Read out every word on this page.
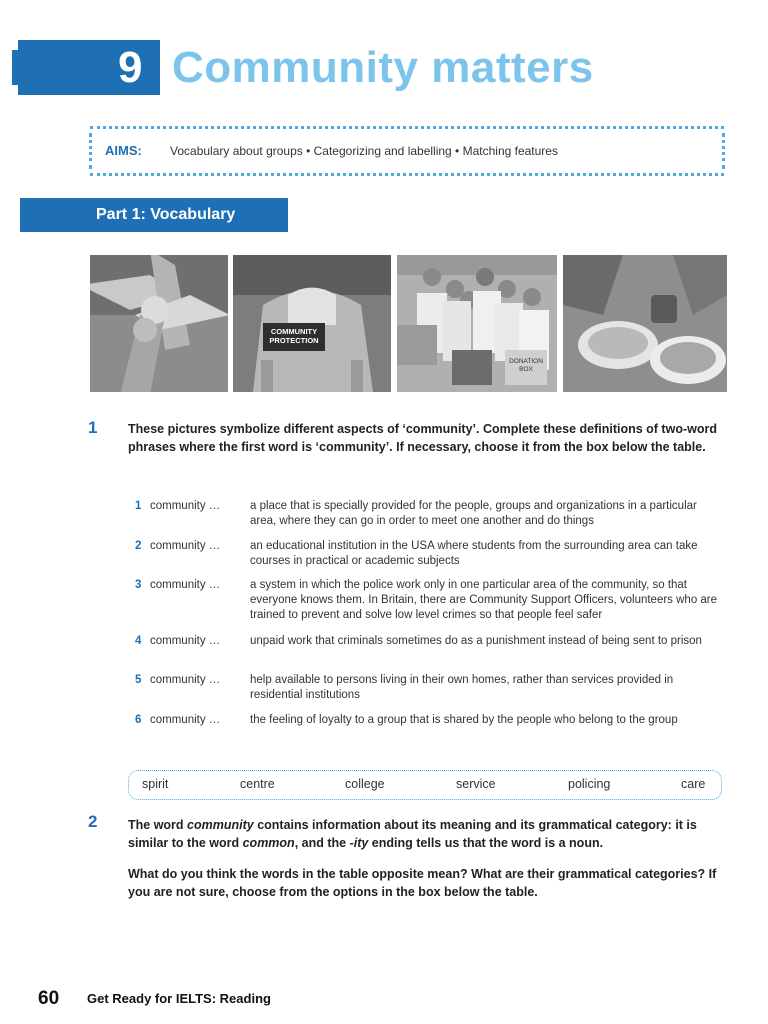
9 Community matters
AIMS: Vocabulary about groups • Categorizing and labelling • Matching features
Part 1: Vocabulary
COMMUNITY PROTECTION
DONATION BOX
1 These pictures symbolize different aspects of ‘community’. Complete these definitions of two-word phrases where the first word is ‘community’. If necessary, choose it from the box below the table.
1 community …	a place that is specially provided for the people, groups and organizations in a particular area, where they can go in order to meet one another and do things
2 community …	an educational institution in the USA where students from the surrounding area can take courses in practical or academic subjects
3 community …	a system in which the police work only in one particular area of the community, so that everyone knows them. In Britain, there are Community Support Officers, volunteers who are trained to prevent and solve low level crimes so that people feel safer
4 community …	unpaid work that criminals sometimes do as a punishment instead of being sent to prison
5 community …	help available to persons living in their own homes, rather than services provided in residential institutions
6 community …	the feeling of loyalty to a group that is shared by the people who belong to the group
spirit	centre	college	service	policing	care
2 The word community contains information about its meaning and its grammatical category: it is similar to the word common, and the -ity ending tells us that the word is a noun.
What do you think the words in the table opposite mean? What are their grammatical categories? If you are not sure, choose from the options in the box below the table.
60 Get Ready for IELTS: Reading
